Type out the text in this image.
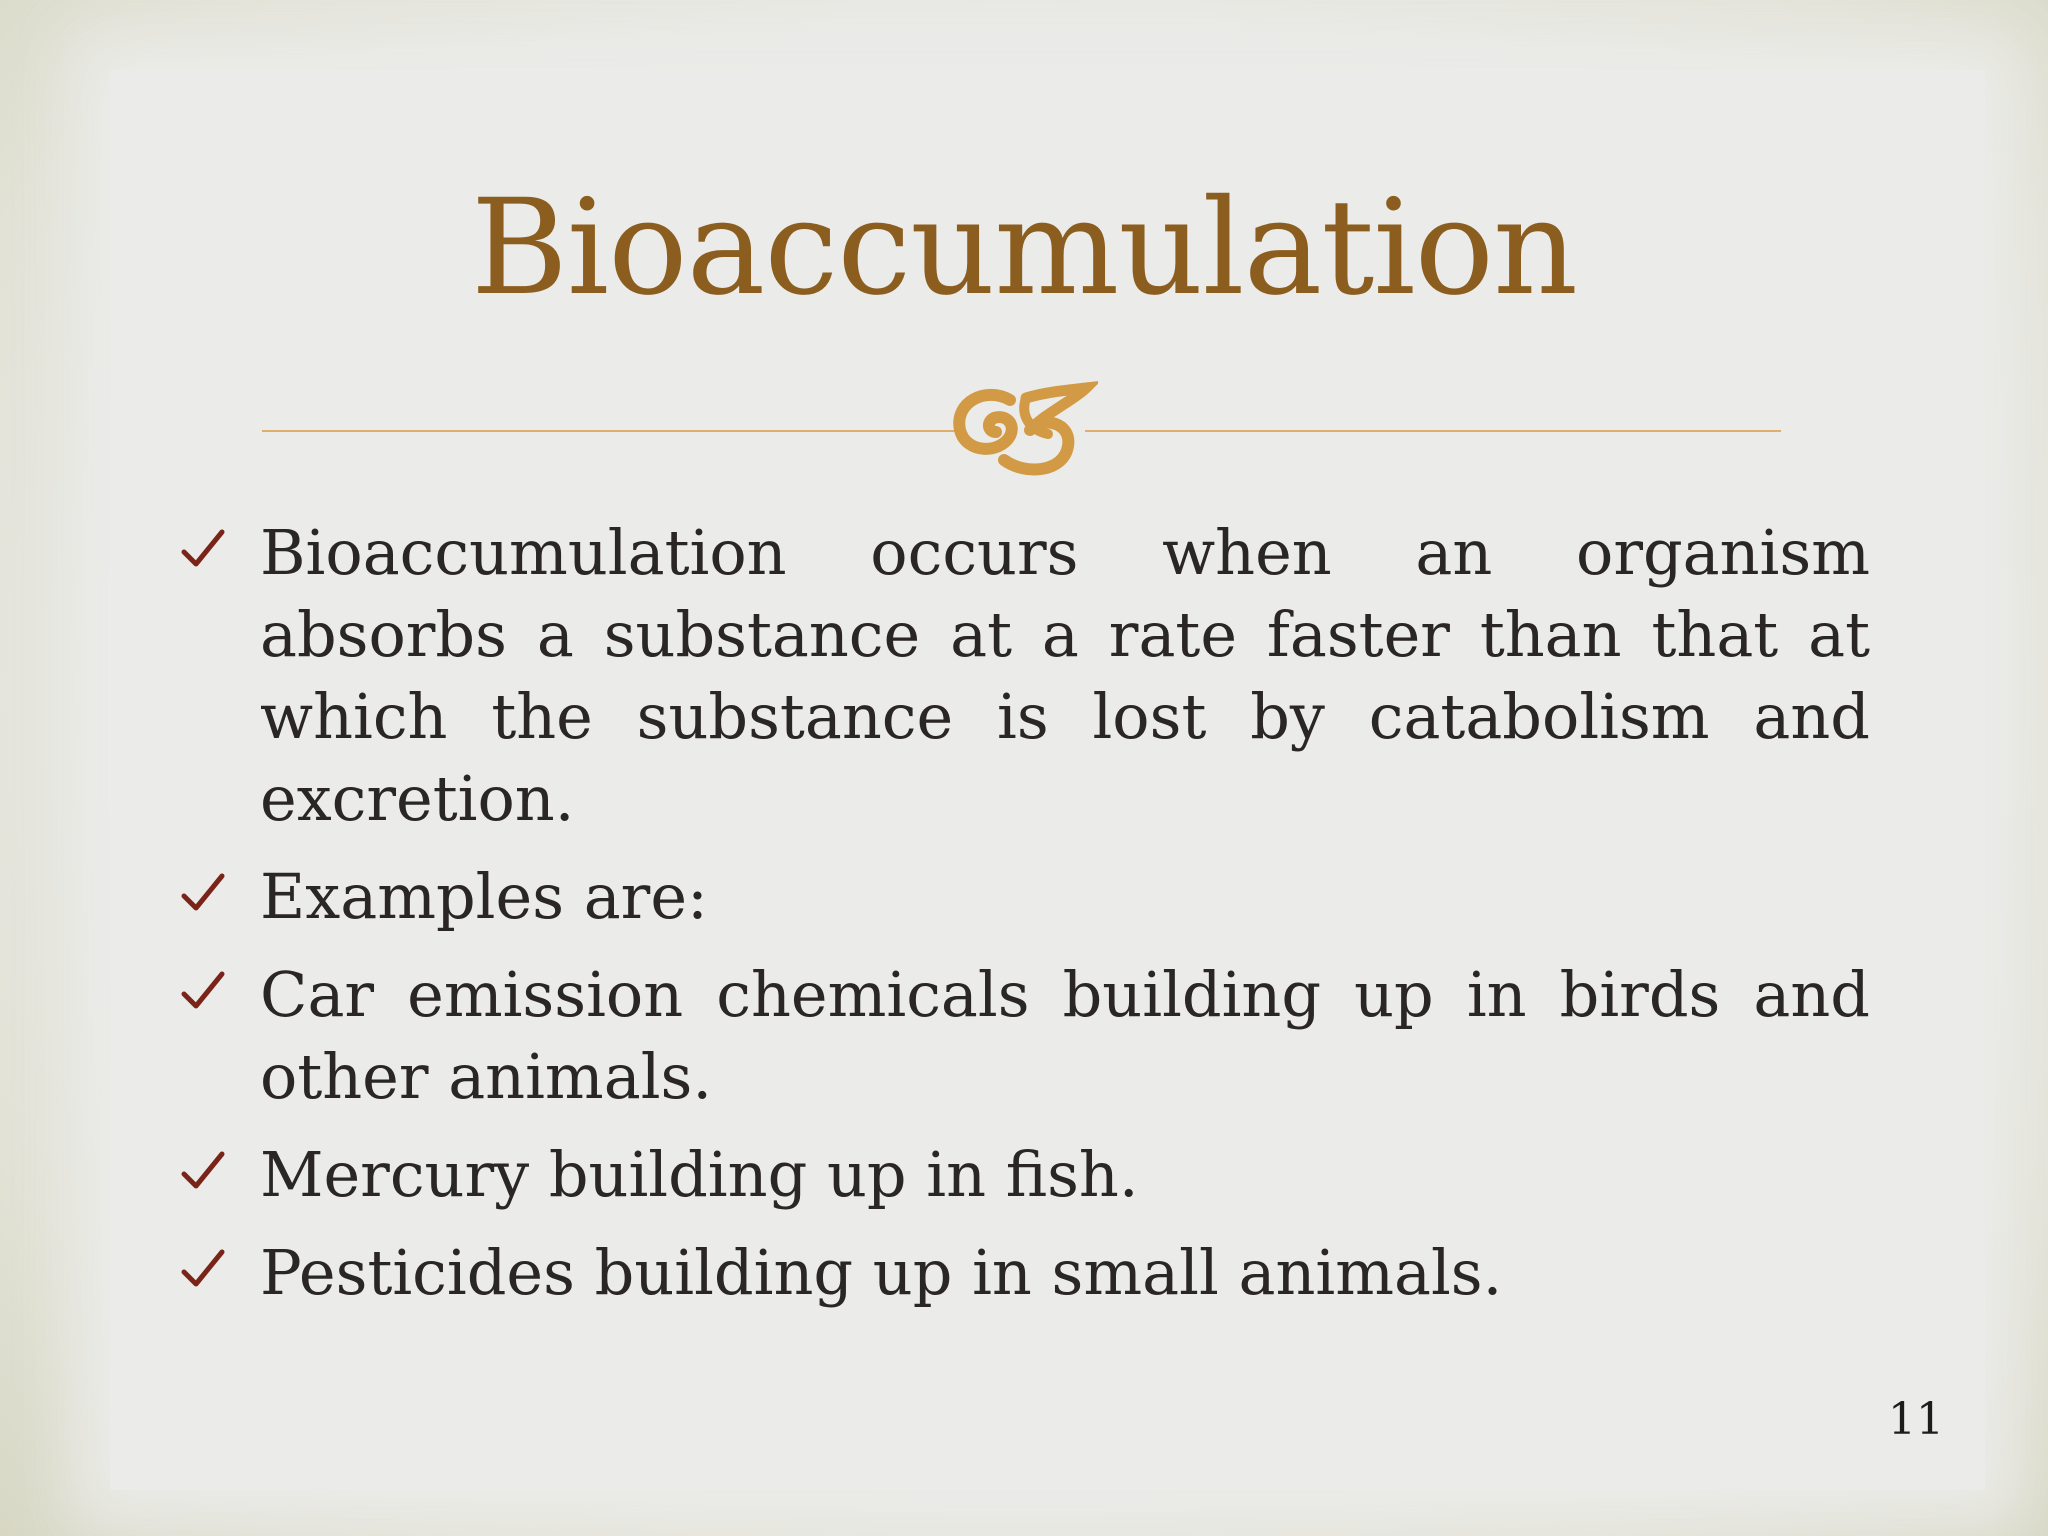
Bioaccumulation
Bioaccumulation occurs when an organism absorbs a substance at a rate faster than that at which the substance is lost by catabolism and excretion.
Examples are:
Car emission chemicals building up in birds and other animals.
Mercury building up in fish.
Pesticides building up in small animals.
11
